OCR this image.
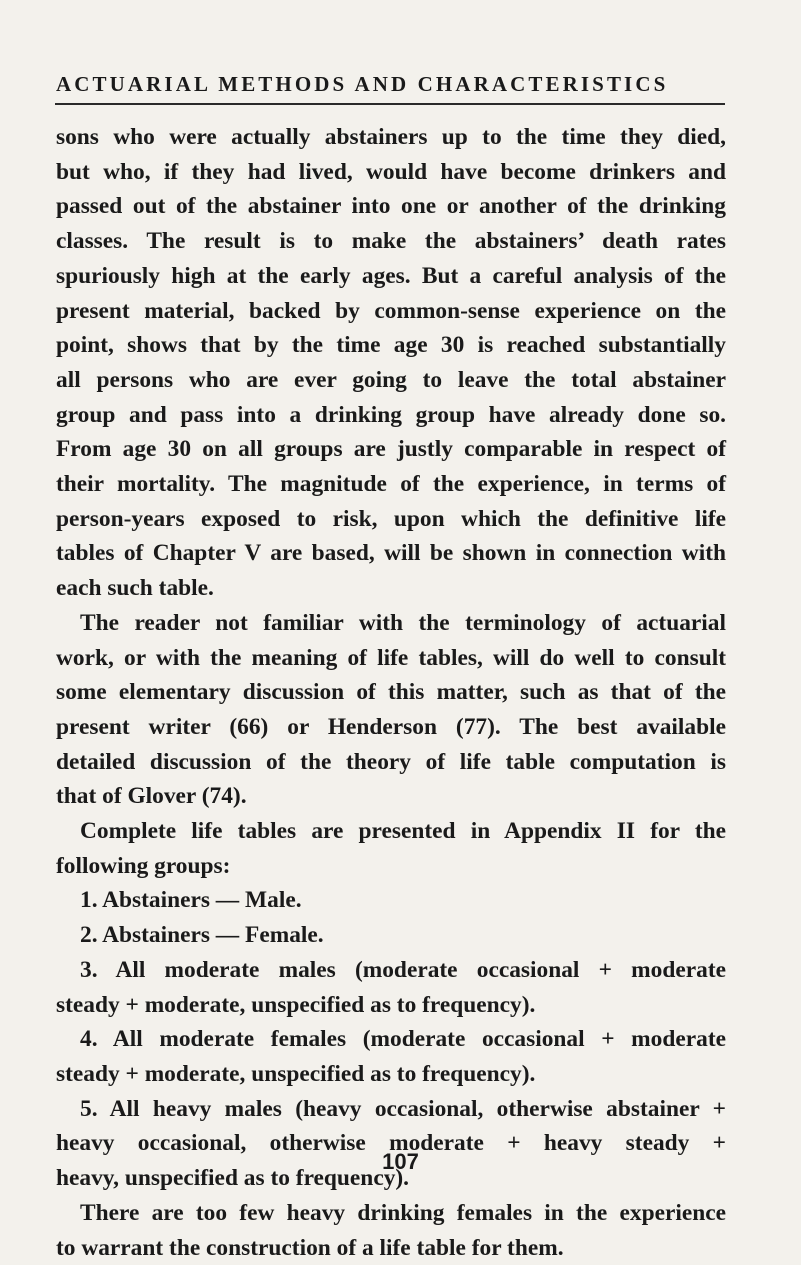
ACTUARIAL METHODS AND CHARACTERISTICS

sons who were actually abstainers up to the time they died,

but who, if they had lived, would have become drinkers and

passed out of the abstainer into one or another of the drinking

classes. The result is to make the abstainers’ death rates

spuriously high at the early ages. But a careful analysis of the

present material, backed by common-sense experience on the

point, shows that by the time age 30 is reached substantially

all persons who are ever going to leave the total abstainer

group and pass into a drinking group have already done so.

From age 30 on all groups are justly comparable in respect of

their mortality. The magnitude of the experience, in terms of

person-years exposed to risk, upon which the definitive life

tables of Chapter V are based, will be shown in connection with

each such table.

The reader not familiar with the terminology of actuarial

work, or with the meaning of life tables, will do well to consult

some elementary discussion of this matter, such as that of the

present writer (66) or Henderson (77). The best available

detailed discussion of the theory of life table computation is

that of Glover (74).

Complete life tables are presented in Appendix II for the

following groups:

1. Abstainers — Male.

2. Abstainers — Female.

3. All moderate males (moderate occasional + moderate

steady + moderate, unspecified as to frequency).

4. All moderate females (moderate occasional + moderate

steady + moderate, unspecified as to frequency).

5. All heavy males (heavy occasional, otherwise abstainer +

heavy occasional, otherwise moderate + heavy steady +

heavy, unspecified as to frequency).

There are too few heavy drinking females in the experience

to warrant the construction of a life table for them.

107
